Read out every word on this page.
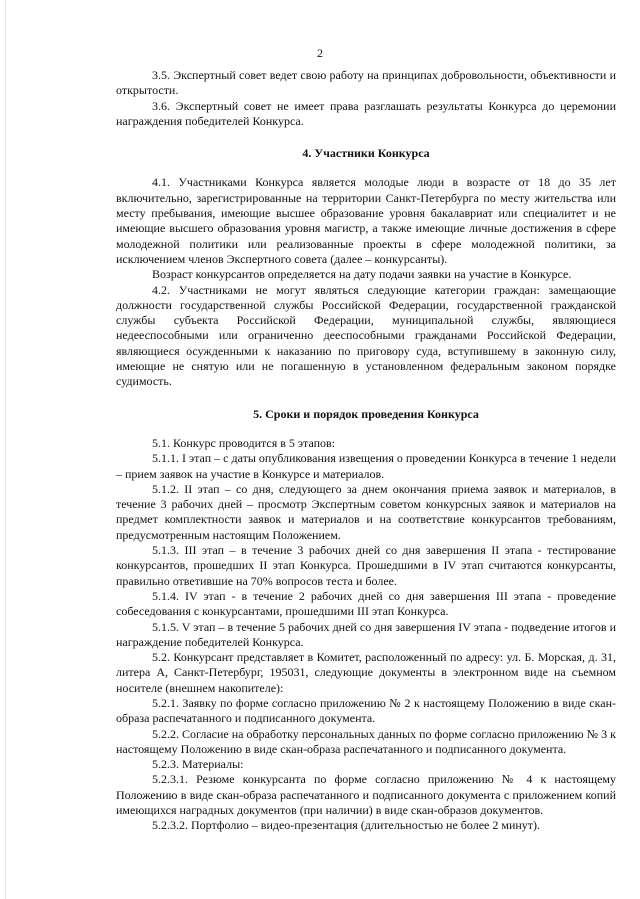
2

3.5. Экспертный совет ведет свою работу на принципах добровольности, объективности и открытости.

3.6. Экспертный совет не имеет права разглашать результаты Конкурса до церемонии награждения победителей Конкурса.

4. Участники Конкурса

4.1. Участниками Конкурса является молодые люди в возрасте от 18 до 35 лет включительно, зарегистрированные на территории Санкт-Петербурга по месту жительства или месту пребывания, имеющие высшее образование уровня бакалавриат или специалитет и не имеющие высшего образования уровня магистр, а также имеющие личные достижения в сфере молодежной политики или реализованные проекты в сфере молодежной политики, за исключением членов Экспертного совета (далее – конкурсанты).

Возраст конкурсантов определяется на дату подачи заявки на участие в Конкурсе.

4.2. Участниками не могут являться следующие категории граждан: замещающие должности государственной службы Российской Федерации, государственной гражданской службы субъекта Российской Федерации, муниципальной службы, являющиеся недееспособными или ограниченно дееспособными гражданами Российской Федерации, являющиеся осужденными к наказанию по приговору суда, вступившему в законную силу, имеющие не снятую или не погашенную в установленном федеральным законом порядке судимость.

5. Сроки и порядок проведения Конкурса

5.1. Конкурс проводится в 5 этапов:

5.1.1. I этап – с даты опубликования извещения о проведении Конкурса в течение 1 недели – прием заявок на участие в Конкурсе и материалов.

5.1.2. II этап – со дня, следующего за днем окончания приема заявок и материалов, в течение 3 рабочих дней – просмотр Экспертным советом конкурсных заявок и материалов на предмет комплектности заявок и материалов и на соответствие конкурсантов требованиям, предусмотренным настоящим Положением.

5.1.3. III этап – в течение 3 рабочих дней со дня завершения II этапа - тестирование конкурсантов, прошедших II этап Конкурса. Прошедшими в IV этап считаются конкурсанты, правильно ответившие на 70% вопросов теста и более.

5.1.4. IV этап - в течение 2 рабочих дней со дня завершения III этапа - проведение собеседования с конкурсантами, прошедшими III этап Конкурса.

5.1.5. V этап – в течение 5 рабочих дней со дня завершения IV этапа - подведение итогов и награждение победителей Конкурса.

5.2. Конкурсант представляет в Комитет, расположенный по адресу: ул. Б. Морская, д. 31, литера А, Санкт-Петербург, 195031, следующие документы в электронном виде на съемном носителе (внешнем накопителе):

5.2.1. Заявку по форме согласно приложению № 2 к настоящему Положению в виде скан-образа распечатанного и подписанного документа.

5.2.2. Согласие на обработку персональных данных по форме согласно приложению № 3 к настоящему Положению в виде скан-образа распечатанного и подписанного документа.

5.2.3. Материалы:

5.2.3.1. Резюме конкурсанта по форме согласно приложению № 4 к настоящему Положению в виде скан-образа распечатанного и подписанного документа с приложением копий имеющихся наградных документов (при наличии) в виде скан-образов документов.

5.2.3.2. Портфолио – видео-презентация (длительностью не более 2 минут).
